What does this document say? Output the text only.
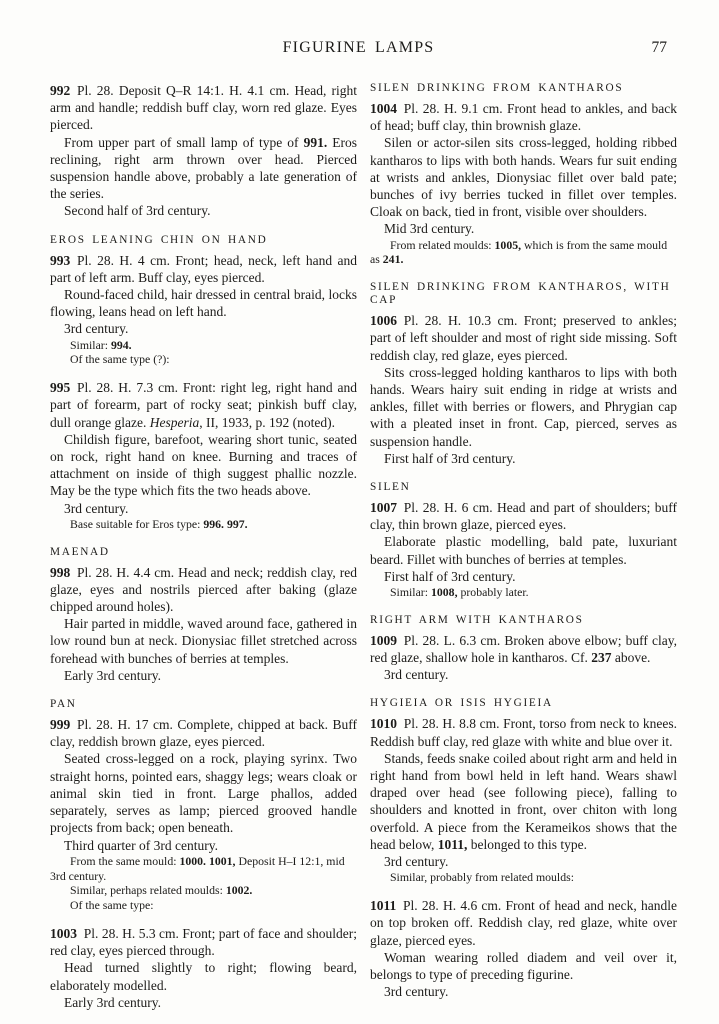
FIGURINE LAMPS	77

992 Pl. 28. Deposit Q–R 14:1. H. 4.1 cm. Head, right arm and handle; reddish buff clay, worn red glaze. Eyes pierced.

From upper part of small lamp of type of 991. Eros reclining, right arm thrown over head. Pierced suspension handle above, probably a late generation of the series.

Second half of 3rd century.

EROS LEANING CHIN ON HAND

993 Pl. 28. H. 4 cm. Front; head, neck, left hand and part of left arm. Buff clay, eyes pierced.

Round-faced child, hair dressed in central braid, locks flowing, leans head on left hand.

3rd century.

Similar: 994.

Of the same type (?):

995 Pl. 28. H. 7.3 cm. Front: right leg, right hand and part of forearm, part of rocky seat; pinkish buff clay, dull orange glaze. Hesperia, II, 1933, p. 192 (noted).

Childish figure, barefoot, wearing short tunic, seated on rock, right hand on knee. Burning and traces of attachment on inside of thigh suggest phallic nozzle. May be the type which fits the two heads above.

3rd century.

Base suitable for Eros type: 996. 997.

MAENAD

998 Pl. 28. H. 4.4 cm. Head and neck; reddish clay, red glaze, eyes and nostrils pierced after baking (glaze chipped around holes).

Hair parted in middle, waved around face, gathered in low round bun at neck. Dionysiac fillet stretched across forehead with bunches of berries at temples.

Early 3rd century.

PAN

999 Pl. 28. H. 17 cm. Complete, chipped at back. Buff clay, reddish brown glaze, eyes pierced.

Seated cross-legged on a rock, playing syrinx. Two straight horns, pointed ears, shaggy legs; wears cloak or animal skin tied in front. Large phallos, added separately, serves as lamp; pierced grooved handle projects from back; open beneath.

Third quarter of 3rd century.

From the same mould: 1000. 1001, Deposit H–I 12:1, mid 3rd century.

Similar, perhaps related moulds: 1002.

Of the same type:

1003 Pl. 28. H. 5.3 cm. Front; part of face and shoulder; red clay, eyes pierced through.

Head turned slightly to right; flowing beard, elaborately modelled.

Early 3rd century.

SILEN DRINKING FROM KANTHAROS

1004 Pl. 28. H. 9.1 cm. Front head to ankles, and back of head; buff clay, thin brownish glaze.

Silen or actor-silen sits cross-legged, holding ribbed kantharos to lips with both hands. Wears fur suit ending at wrists and ankles, Dionysiac fillet over bald pate; bunches of ivy berries tucked in fillet over temples. Cloak on back, tied in front, visible over shoulders.

Mid 3rd century.

From related moulds: 1005, which is from the same mould as 241.

SILEN DRINKING FROM KANTHAROS, WITH CAP

1006 Pl. 28. H. 10.3 cm. Front; preserved to ankles; part of left shoulder and most of right side missing. Soft reddish clay, red glaze, eyes pierced.

Sits cross-legged holding kantharos to lips with both hands. Wears hairy suit ending in ridge at wrists and ankles, fillet with berries or flowers, and Phrygian cap with a pleated inset in front. Cap, pierced, serves as suspension handle.

First half of 3rd century.

SILEN

1007 Pl. 28. H. 6 cm. Head and part of shoulders; buff clay, thin brown glaze, pierced eyes.

Elaborate plastic modelling, bald pate, luxuriant beard. Fillet with bunches of berries at temples.

First half of 3rd century.

Similar: 1008, probably later.

RIGHT ARM WITH KANTHAROS

1009 Pl. 28. L. 6.3 cm. Broken above elbow; buff clay, red glaze, shallow hole in kantharos. Cf. 237 above.

3rd century.

HYGIEIA OR ISIS HYGIEIA

1010 Pl. 28. H. 8.8 cm. Front, torso from neck to knees. Reddish buff clay, red glaze with white and blue over it.

Stands, feeds snake coiled about right arm and held in right hand from bowl held in left hand. Wears shawl draped over head (see following piece), falling to shoulders and knotted in front, over chiton with long overfold. A piece from the Kerameikos shows that the head below, 1011, belonged to this type.

3rd century.

Similar, probably from related moulds:

1011 Pl. 28. H. 4.6 cm. Front of head and neck, handle on top broken off. Reddish clay, red glaze, white over glaze, pierced eyes.

Woman wearing rolled diadem and veil over it, belongs to type of preceding figurine.

3rd century.
